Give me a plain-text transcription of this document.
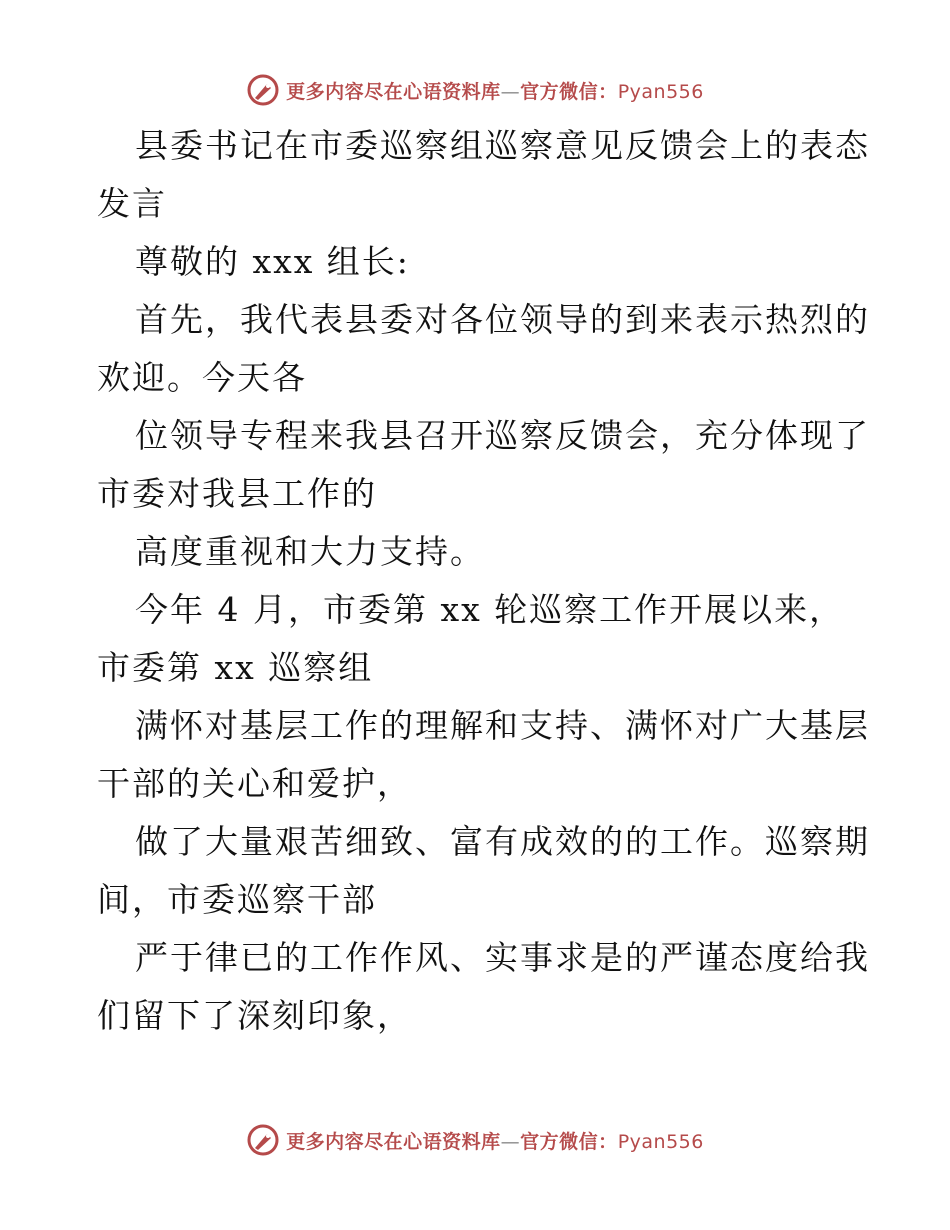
更多内容尽在心语资料库—官方微信：Pyan556
县委书记在市委巡察组巡察意见反馈会上的表态
发言
尊敬的 xxx 组长:
首先，我代表县委对各位领导的到来表示热烈的
欢迎。今天各
位领导专程来我县召开巡察反馈会，充分体现了
市委对我县工作的
高度重视和大力支持。
今年 4 月，市委第 xx 轮巡察工作开展以来，
市委第 xx 巡察组
满怀对基层工作的理解和支持、满怀对广大基层
干部的关心和爱护，
做了大量艰苦细致、富有成效的的工作。巡察期
间，市委巡察干部
严于律已的工作作风、实事求是的严谨态度给我
们留下了深刻印象，
更多内容尽在心语资料库—官方微信：Pyan556
